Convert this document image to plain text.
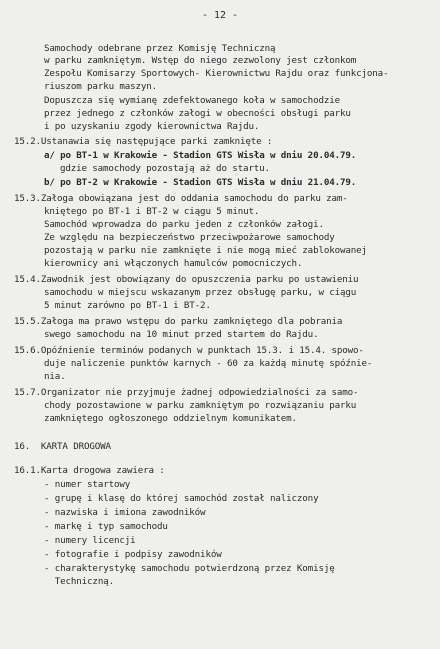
- 12 -
Samochody odebrane przez Komisję Techniczną
w parku zamkniętym. Wstęp do niego zezwolony jest członkom
Zespołu Komisarzy Sportowych- Kierownictwu Rajdu oraz funkcjona-
riuszom parku maszyn.
Dopuszcza się wymianę zdefektowanego koła w samochodzie
przez jednego z członków załogi w obecności obsługi parku
i po uzyskaniu zgody kierownictwa Rajdu.
15.2.Ustanawia się następujące parki zamknięte :
a/ po BT-1 w Krakowie - Stadion GTS Wisła w dniu 20.04.79.
gdzie samochody pozostają aż do startu.
b/ po BT-2 w Krakowie - Stadion GTS Wisła w dniu 21.04.79.
15.3.Załoga obowiązana jest do oddania samochodu do parku zam-
kniętego po BT-1 i BT-2 w ciągu 5 minut.
Samochód wprowadza do parku jeden z członków załogi.
Ze względu na bezpieczeństwo przeciwpożarowe samochody
pozostają w parku nie zamknięte i nie mogą mieć zablokowanej
kierownicy ani włączonych hamulców pomocniczych.
15.4.Zawodnik jest obowiązany do opuszczenia parku po ustawieniu
samochodu w miejscu wskazanym przez obsługę parku, w ciągu
5 minut zarówno po BT-1 i BT-2.
15.5.Załoga ma prawo wstępu do parku zamkniętego dla pobrania
swego samochodu na 10 minut przed startem do Rajdu.
15.6.Opóźnienie terminów podanych w punktach 15.3. i 15.4. spowo-
duje naliczenie punktów karnych - 60 za każdą minutę spóźnie-
nia.
15.7.Organizator nie przyjmuje żadnej odpowiedzialności za samo-
chody pozostawione w parku zamkniętym po rozwiązaniu parku
zamkniętego ogłoszonego oddzielnym komunikatem.
16.  KARTA DROGOWA
16.1.Karta drogowa zawiera :
- numer startowy
- grupę i klasę do której samochód został naliczony
- nazwiska i imiona zawodników
- markę i typ samochodu
- numery licencji
- fotografie i podpisy zawodników
- charakterystykę samochodu potwierdzoną przez Komisję
Techniczną.
